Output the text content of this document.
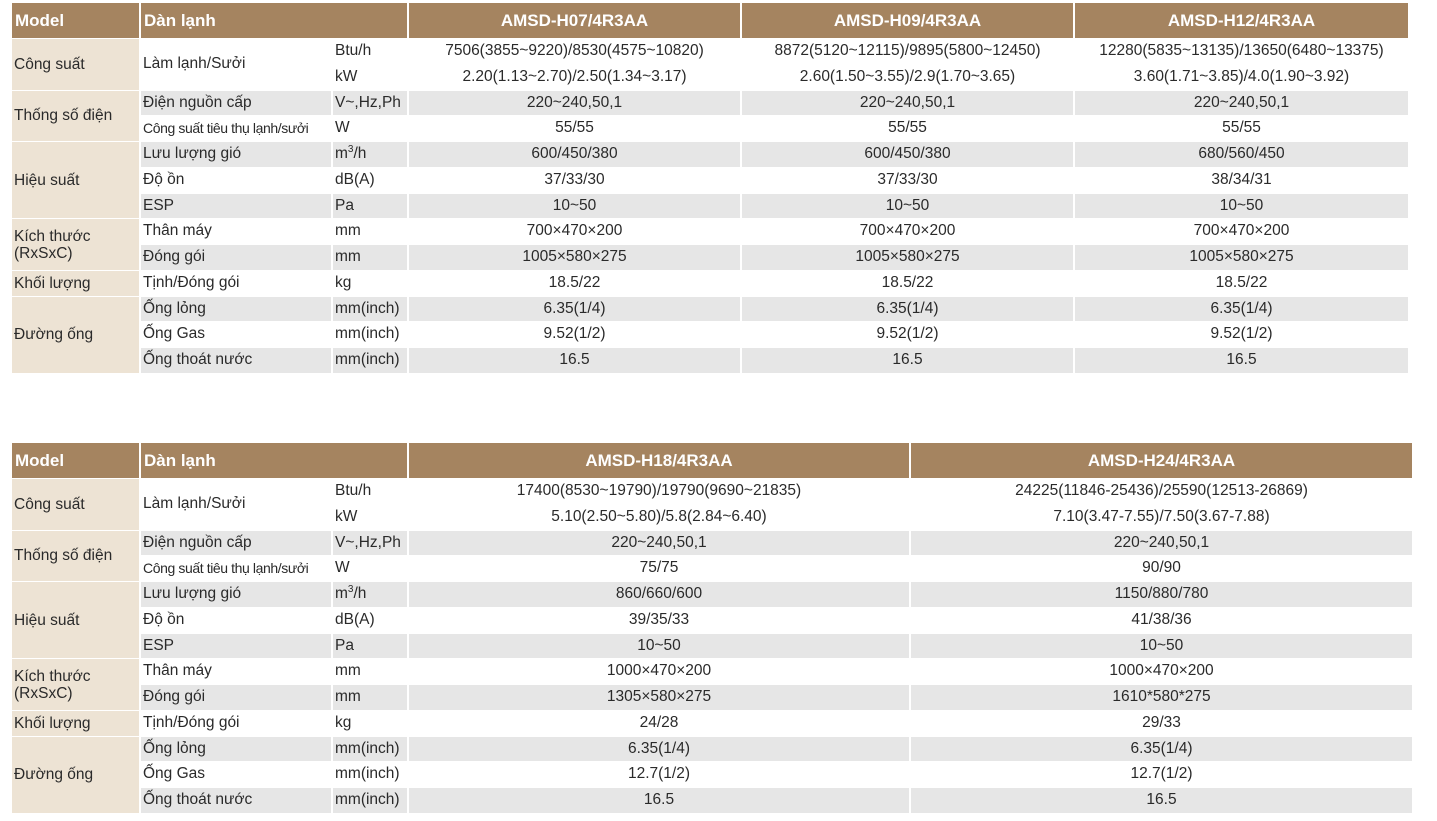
Model	Dàn lạnh		AMSD-H07/4R3AA	AMSD-H09/4R3AA	AMSD-H12/4R3AA
Công suất	Làm lạnh/Sưởi	Btu/h	7506(3855~9220)/8530(4575~10820)	8872(5120~12115)/9895(5800~12450)	12280(5835~13135)/13650(6480~13375)
		kW	2.20(1.13~2.70)/2.50(1.34~3.17)	2.60(1.50~3.55)/2.9(1.70~3.65)	3.60(1.71~3.85)/4.0(1.90~3.92)
Thống số điện	Điện nguồn cấp	V~,Hz,Ph	220~240,50,1	220~240,50,1	220~240,50,1
	Công suất tiêu thụ lạnh/sưởi	W	55/55	55/55	55/55
Hiệu suất	Lưu lượng gió	$m^3/h$	600/450/380	600/450/380	680/560/450
	Độ ồn	dB(A)	37/33/30	37/33/30	38/34/31
	ESP	Pa	10~50	10~50	10~50
Kích thước
(RxSxC)	Thân máy	mm	700×470×200	700×470×200	700×470×200
	Đóng gói	mm	1005×580×275	1005×580×275	1005×580×275
Khối lượng	Tịnh/Đóng gói	kg	18.5/22	18.5/22	18.5/22
Đường ống	Ống lỏng	mm(inch)	6.35(1/4)	6.35(1/4)	6.35(1/4)
	Ống Gas	mm(inch)	9.52(1/2)	9.52(1/2)	9.52(1/2)
	Ống thoát nước	mm(inch)	16.5	16.5	16.5
Model	Dàn lạnh		AMSD-H18/4R3AA	AMSD-H24/4R3AA
Công suất	Làm lạnh/Sưởi	Btu/h	17400(8530~19790)/19790(9690~21835)	24225(11846-25436)/25590(12513-26869)
		kW	5.10(2.50~5.80)/5.8(2.84~6.40)	7.10(3.47-7.55)/7.50(3.67-7.88)
Thống số điện	Điện nguồn cấp	V~,Hz,Ph	220~240,50,1	220~240,50,1
	Công suất tiêu thụ lạnh/sưởi	W	75/75	90/90
Hiệu suất	Lưu lượng gió	$m^3/h$	860/660/600	1150/880/780
	Độ ồn	dB(A)	39/35/33	41/38/36
	ESP	Pa	10~50	10~50
Kích thước
(RxSxC)	Thân máy	mm	1000×470×200	1000×470×200
	Đóng gói	mm	1305×580×275	1610*580*275
Khối lượng	Tịnh/Đóng gói	kg	24/28	29/33
Đường ống	Ống lỏng	mm(inch)	6.35(1/4)	6.35(1/4)
	Ống Gas	mm(inch)	12.7(1/2)	12.7(1/2)
	Ống thoát nước	mm(inch)	16.5	16.5
